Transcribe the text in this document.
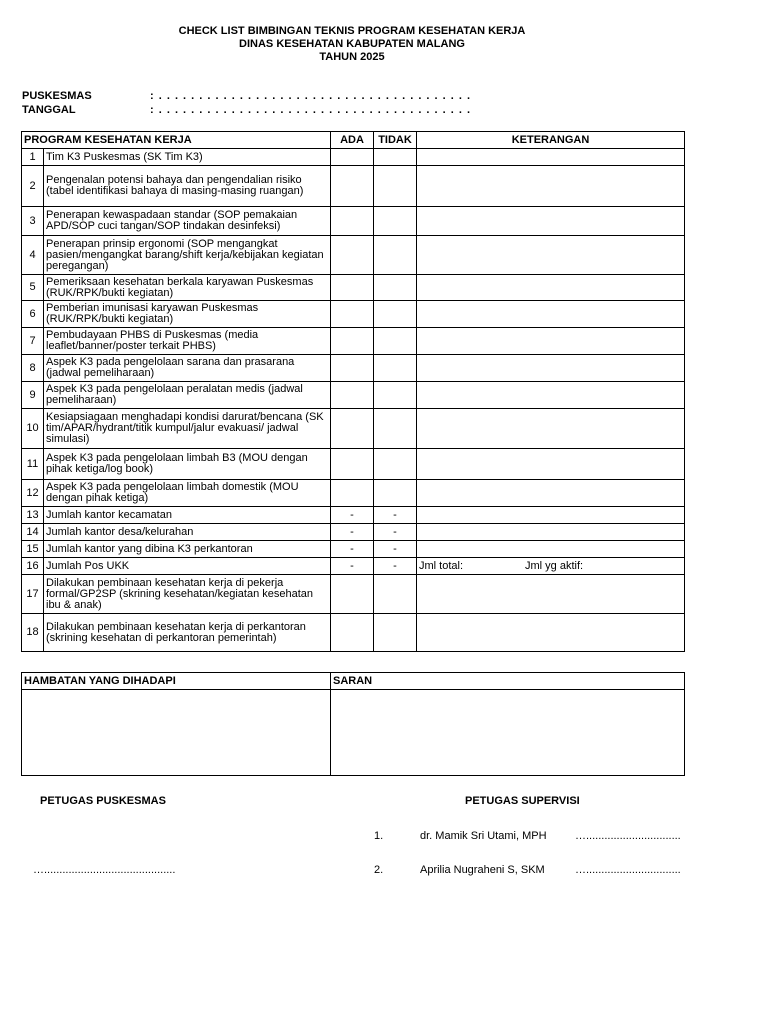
CHECK LIST BIMBINGAN TEKNIS PROGRAM KESEHATAN KERJA
DINAS KESEHATAN KABUPATEN MALANG
TAHUN 2025
PUSKESMAS	: . . . . . . . . . . . . . . . . . . . . . . . . . . . . . . . . . . . . . . .
TANGGAL	: . . . . . . . . . . . . . . . . . . . . . . . . . . . . . . . . . . . . . . .
PROGRAM KESEHATAN KERJA		ADA	TIDAK	KETERANGAN
1	Tim K3 Puskesmas (SK Tim K3)			
2	Pengenalan potensi bahaya dan pengendalian risiko (tabel identifikasi bahaya di masing-masing ruangan)			
3	Penerapan kewaspadaan standar (SOP pemakaian APD/SOP cuci tangan/SOP tindakan desinfeksi)			
4	Penerapan prinsip ergonomi (SOP mengangkat pasien/mengangkat barang/shift kerja/kebijakan kegiatan peregangan)			
5	Pemeriksaan kesehatan berkala karyawan Puskesmas (RUK/RPK/bukti kegiatan)			
6	Pemberian imunisasi karyawan Puskesmas (RUK/RPK/bukti kegiatan)			
7	Pembudayaan PHBS di Puskesmas (media leaflet/banner/poster terkait PHBS)			
8	Aspek K3 pada pengelolaan sarana dan prasarana (jadwal pemeliharaan)			
9	Aspek K3 pada pengelolaan peralatan medis (jadwal pemeliharaan)			
10	Kesiapsiagaan menghadapi kondisi darurat/bencana (SK tim/APAR/hydrant/titik kumpul/jalur evakuasi/ jadwal simulasi)			
11	Aspek K3 pada pengelolaan limbah B3 (MOU dengan pihak ketiga/log book)			
12	Aspek K3 pada pengelolaan limbah domestik (MOU dengan pihak ketiga)			
13	Jumlah kantor kecamatan	-	-	
14	Jumlah kantor desa/kelurahan	-	-	
15	Jumlah kantor yang dibina K3 perkantoran	-	-	
16	Jumlah Pos UKK	-	-	Jml total: Jml yg aktif:
17	Dilakukan pembinaan kesehatan kerja di pekerja formal/GP2SP (skrining kesehatan/kegiatan kesehatan ibu & anak)			
18	Dilakukan pembinaan kesehatan kerja di perkantoran (skrining kesehatan di perkantoran pemerintah)			
HAMBATAN YANG DIHADAPI	SARAN

PETUGAS PUSKESMAS	PETUGAS SUPERVISI
1.	dr. Mamik Sri Utami, MPH	…...............................
…...........................................	2.	Aprilia Nugraheni S, SKM	…...............................
